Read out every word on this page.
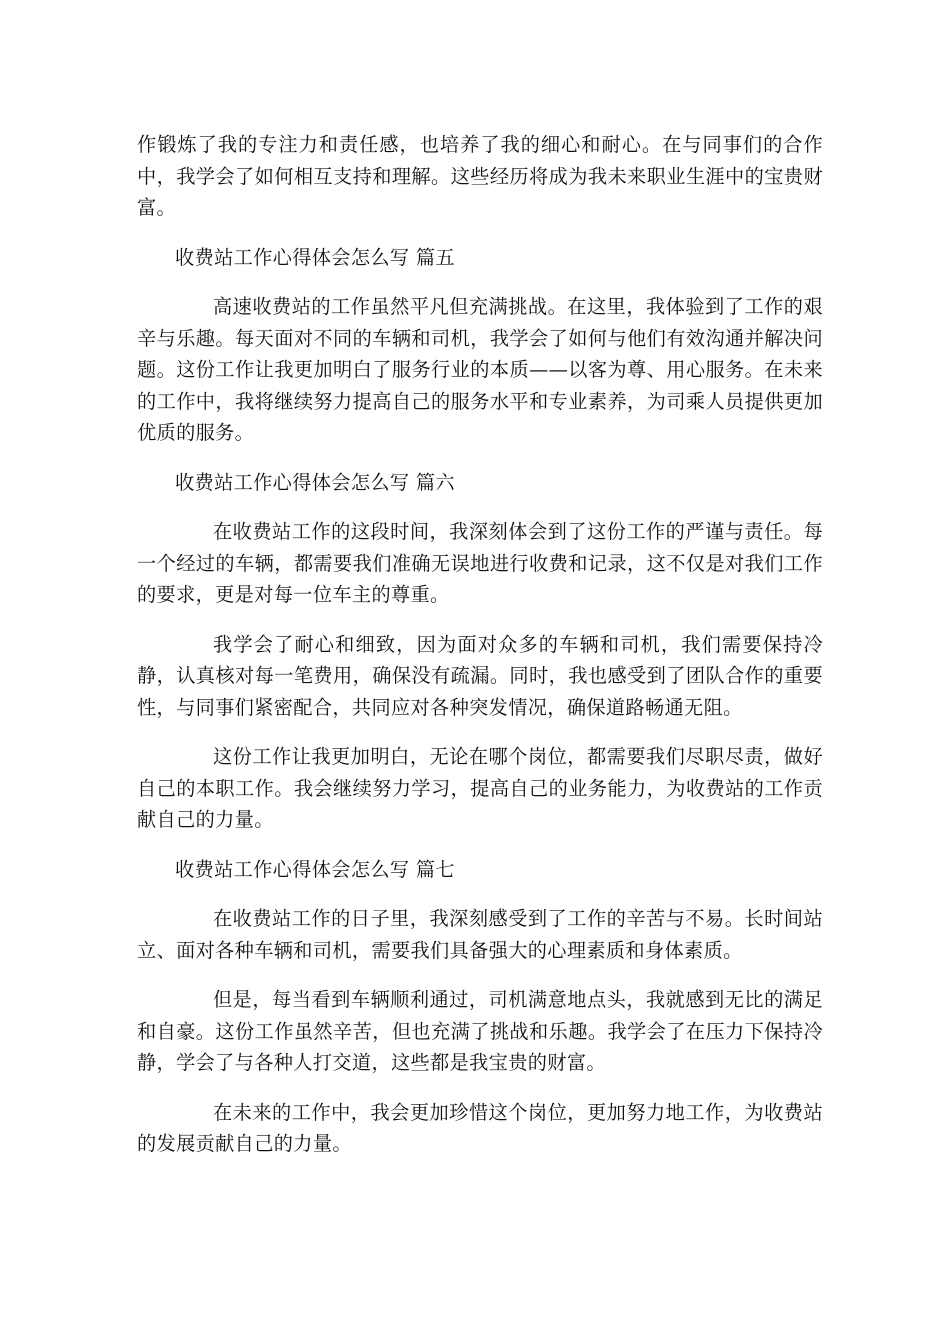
作锻炼了我的专注力和责任感，也培养了我的细心和耐心。在与同事们的合作中，我学会了如何相互支持和理解。这些经历将成为我未来职业生涯中的宝贵财富。

收费站工作心得体会怎么写 篇五

高速收费站的工作虽然平凡但充满挑战。在这里，我体验到了工作的艰辛与乐趣。每天面对不同的车辆和司机，我学会了如何与他们有效沟通并解决问题。这份工作让我更加明白了服务行业的本质——以客为尊、用心服务。在未来的工作中，我将继续努力提高自己的服务水平和专业素养，为司乘人员提供更加优质的服务。

收费站工作心得体会怎么写 篇六

在收费站工作的这段时间，我深刻体会到了这份工作的严谨与责任。每一个经过的车辆，都需要我们准确无误地进行收费和记录，这不仅是对我们工作的要求，更是对每一位车主的尊重。

我学会了耐心和细致，因为面对众多的车辆和司机，我们需要保持冷静，认真核对每一笔费用，确保没有疏漏。同时，我也感受到了团队合作的重要性，与同事们紧密配合，共同应对各种突发情况，确保道路畅通无阻。

这份工作让我更加明白，无论在哪个岗位，都需要我们尽职尽责，做好自己的本职工作。我会继续努力学习，提高自己的业务能力，为收费站的工作贡献自己的力量。

收费站工作心得体会怎么写 篇七

在收费站工作的日子里，我深刻感受到了工作的辛苦与不易。长时间站立、面对各种车辆和司机，需要我们具备强大的心理素质和身体素质。

但是，每当看到车辆顺利通过，司机满意地点头，我就感到无比的满足和自豪。这份工作虽然辛苦，但也充满了挑战和乐趣。我学会了在压力下保持冷静，学会了与各种人打交道，这些都是我宝贵的财富。

在未来的工作中，我会更加珍惜这个岗位，更加努力地工作，为收费站的发展贡献自己的力量。
